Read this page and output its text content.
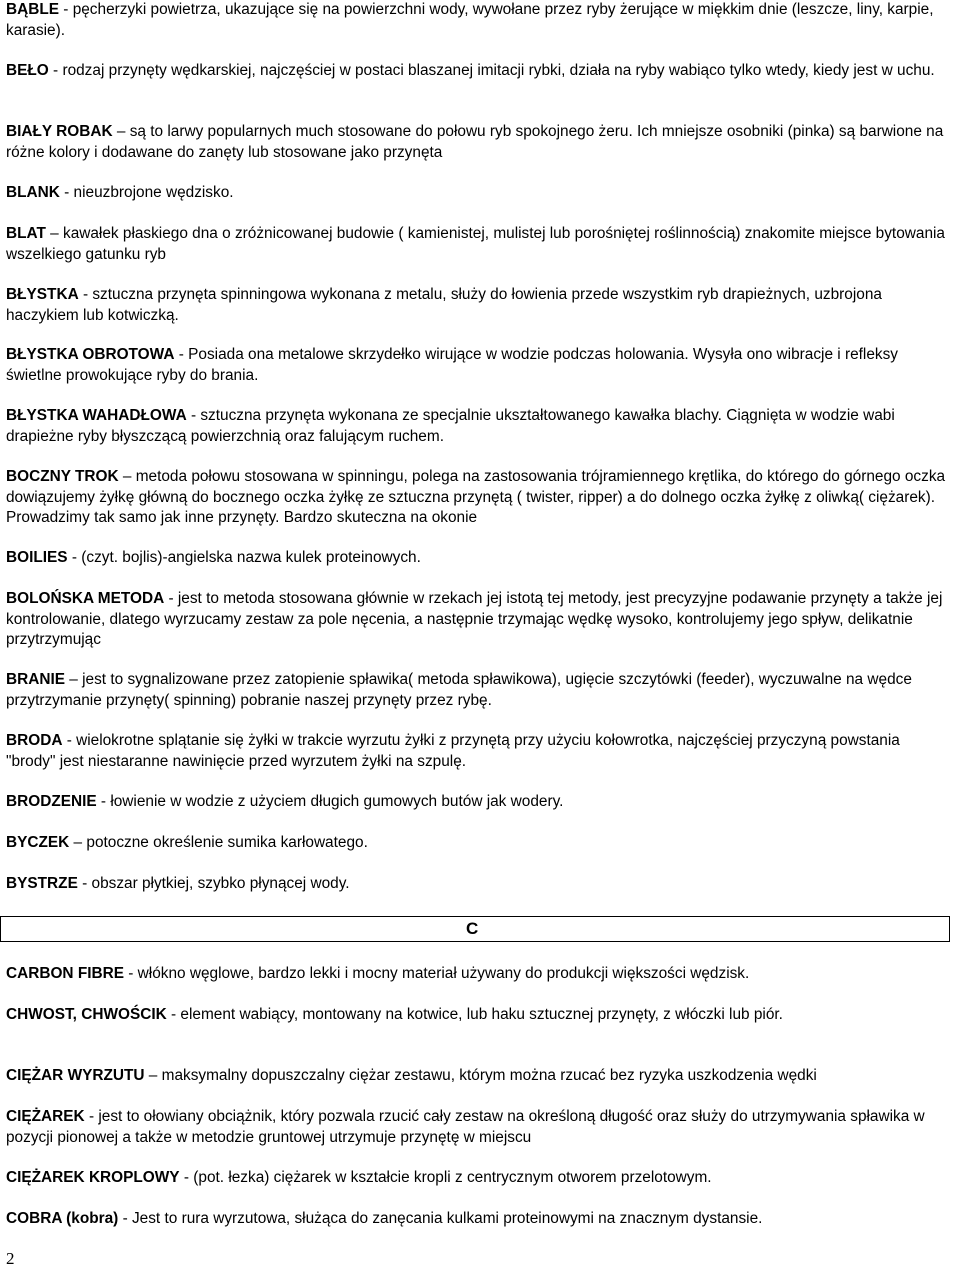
BĄBLE - pęcherzyki powietrza, ukazujące się na powierzchni wody, wywołane przez ryby żerujące w miękkim dnie (leszcze, liny, karpie, karasie).

BEŁO - rodzaj przynęty wędkarskiej, najczęściej w postaci blaszanej imitacji rybki, działa na ryby wabiąco tylko wtedy, kiedy jest w uchu.

BIAŁY ROBAK – są to larwy popularnych much stosowane do połowu ryb spokojnego żeru. Ich mniejsze osobniki (pinka) są barwione na różne kolory i dodawane do zanęty lub stosowane jako przynęta

BLANK - nieuzbrojone wędzisko.

BLAT – kawałek płaskiego dna o zróżnicowanej budowie ( kamienistej, mulistej lub porośniętej roślinnością) znakomite miejsce bytowania wszelkiego gatunku ryb

BŁYSTKA - sztuczna przynęta spinningowa wykonana z metalu, służy do łowienia przede wszystkim ryb drapieżnych, uzbrojona haczykiem lub kotwiczką.

BŁYSTKA OBROTOWA - Posiada ona metalowe skrzydełko wirujące w wodzie podczas holowania. Wysyła ono wibracje i refleksy świetlne prowokujące ryby do brania.

BŁYSTKA WAHADŁOWA - sztuczna przynęta wykonana ze specjalnie ukształtowanego kawałka blachy. Ciągnięta w wodzie wabi drapieżne ryby błyszczącą powierzchnią oraz falującym ruchem.

BOCZNY TROK – metoda połowu stosowana w spinningu, polega na zastosowania trójramiennego krętlika, do którego do górnego oczka dowiązujemy żyłkę główną do bocznego oczka żyłkę ze sztuczna przynętą ( twister, ripper) a do dolnego oczka żyłkę z oliwką( ciężarek). Prowadzimy tak samo jak inne przynęty. Bardzo skuteczna na okonie

BOILIES - (czyt. bojlis)-angielska nazwa kulek proteinowych.

BOLOŃSKA METODA - jest to metoda stosowana głównie w rzekach jej istotą tej metody, jest precyzyjne podawanie przynęty a także jej kontrolowanie, dlatego wyrzucamy zestaw za pole nęcenia, a następnie trzymając wędkę wysoko, kontrolujemy jego spływ, delikatnie przytrzymując

BRANIE – jest to sygnalizowane przez zatopienie spławika( metoda spławikowa), ugięcie szczytówki (feeder), wyczuwalne na wędce przytrzymanie przynęty( spinning) pobranie naszej przynęty przez rybę.

BRODA - wielokrotne splątanie się żyłki w trakcie wyrzutu żyłki z przynętą przy użyciu kołowrotka, najczęściej przyczyną powstania "brody" jest niestaranne nawinięcie przed wyrzutem żyłki na szpulę.

BRODZENIE - łowienie w wodzie z użyciem długich gumowych butów jak wodery.

BYCZEK – potoczne określenie sumika karłowatego.

BYSTRZE - obszar płytkiej, szybko płynącej wody.

C

CARBON FIBRE - włókno węglowe, bardzo lekki i mocny materiał używany do produkcji większości wędzisk.

CHWOST, CHWOŚCIK - element wabiący, montowany na kotwice, lub haku sztucznej przynęty, z włóczki lub piór.

CIĘŻAR WYRZUTU – maksymalny dopuszczalny ciężar zestawu, którym można rzucać bez ryzyka uszkodzenia wędki

CIĘŻAREK - jest to ołowiany obciążnik, który pozwala rzucić cały zestaw na określoną długość oraz służy do utrzymywania spławika w pozycji pionowej a także w metodzie gruntowej utrzymuje przynętę w miejscu

CIĘŻAREK KROPLOWY - (pot. łezka) ciężarek w kształcie kropli z centrycznym otworem przelotowym.

COBRA (kobra) - Jest to rura wyrzutowa, służąca do zanęcania kulkami proteinowymi na znacznym dystansie.

2
